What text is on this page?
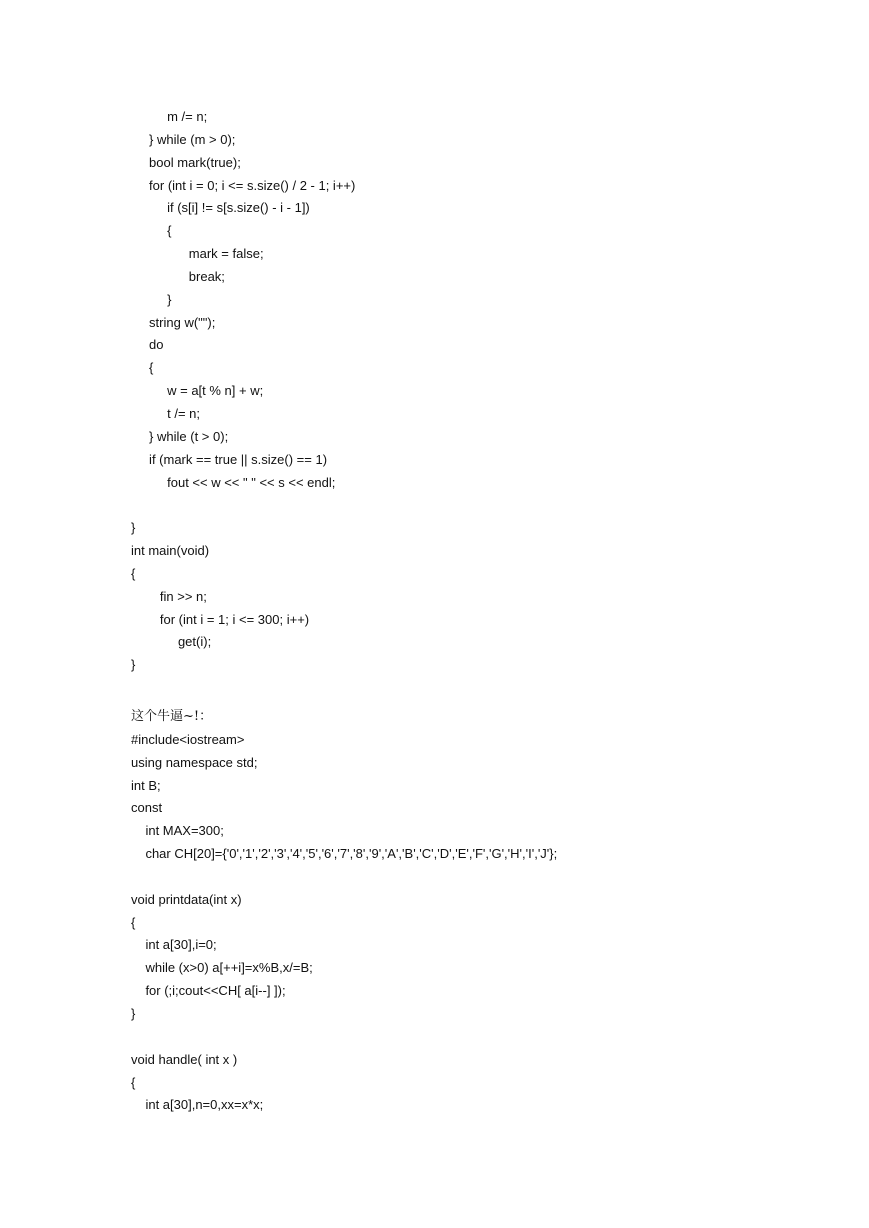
m /= n;
} while (m > 0);
bool mark(true);
for (int i = 0; i <= s.size() / 2 - 1; i++)
if (s[i] != s[s.size() - i - 1])
{
mark = false;
break;
}
string w("");
do
{
w = a[t % n] + w;
t /= n;
} while (t > 0);
if (mark == true || s.size() == 1)
fout << w << " " << s << endl;
}
int main(void)
{
fin >> n;
for (int i = 1; i <= 300; i++)
get(i);
}
这个牛逼~!：
#include<iostream>
using namespace std;
int B;
const
int MAX=300;
char CH[20]={'0','1','2','3','4','5','6','7','8','9','A','B','C','D','E','F','G','H','I','J'};
void printdata(int x)
{
int a[30],i=0;
while (x>0) a[++i]=x%B,x/=B;
for (;i;cout<<CH[ a[i--] ]);
}
void handle( int x )
{
int a[30],n=0,xx=x*x;
